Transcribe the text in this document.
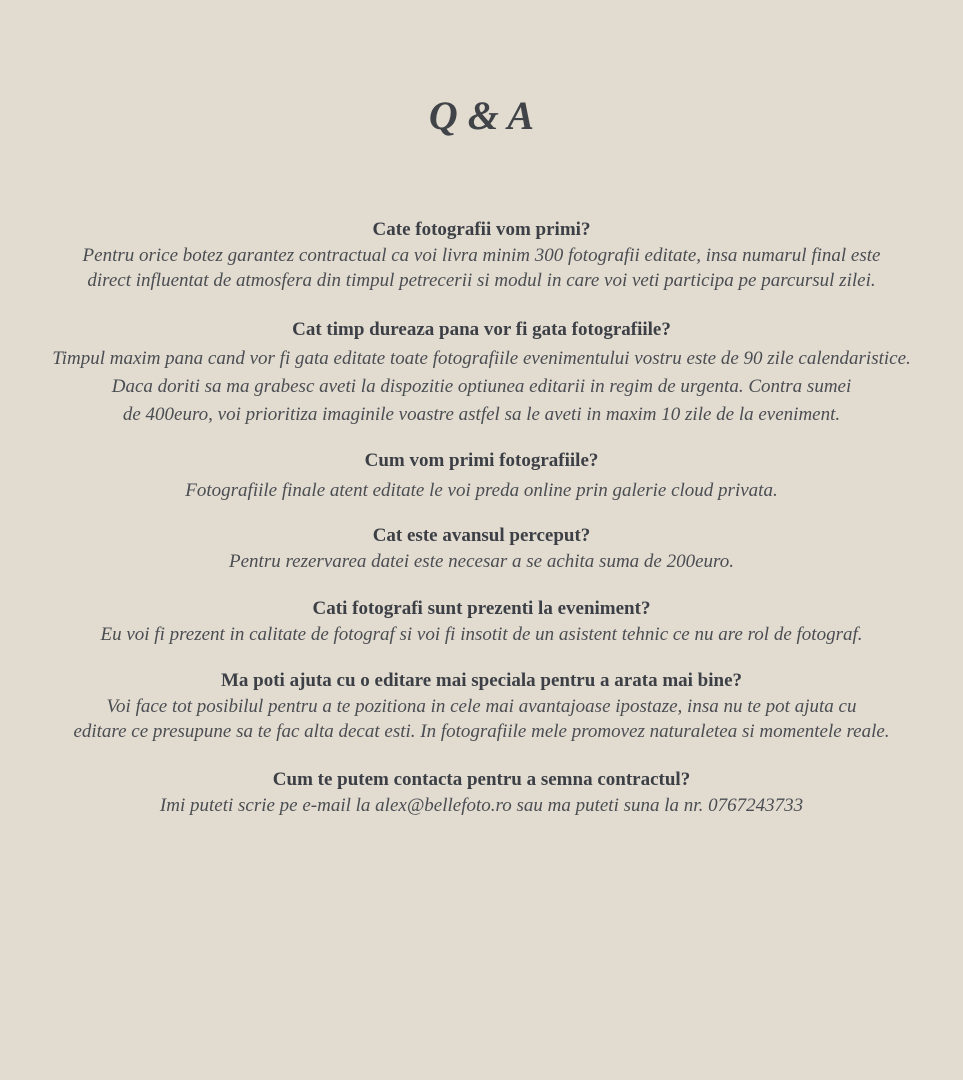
Q & A

Cate fotografii vom primi?

Pentru orice botez garantez contractual ca voi livra minim 300 fotografii editate, insa numarul final este
direct influentat de atmosfera din timpul petrecerii si modul in care voi veti participa pe parcursul zilei.

Cat timp dureaza pana vor fi gata fotografiile?

Timpul maxim pana cand vor fi gata editate toate fotografiile evenimentului vostru este de 90 zile calendaristice.
Daca doriti sa ma grabesc aveti la dispozitie optiunea editarii in regim de urgenta. Contra sumei
de 400euro, voi prioritiza imaginile voastre astfel sa le aveti in maxim 10 zile de la eveniment.

Cum vom primi fotografiile?

Fotografiile finale atent editate le voi preda online prin galerie cloud privata.

Cat este avansul perceput?

Pentru rezervarea datei este necesar a se achita suma de 200euro.

Cati fotografi sunt prezenti la eveniment?

Eu voi fi prezent in calitate de fotograf si voi fi insotit de un asistent tehnic ce nu are rol de fotograf.

Ma poti ajuta cu o editare mai speciala pentru a arata mai bine?

Voi face tot posibilul pentru a te pozitiona in cele mai avantajoase ipostaze, insa nu te pot ajuta cu
editare ce presupune sa te fac alta decat esti. In fotografiile mele promovez naturaletea si momentele reale.

Cum te putem contacta pentru a semna contractul?

Imi puteti scrie pe e-mail la alex@bellefoto.ro sau ma puteti suna la nr. 0767243733
